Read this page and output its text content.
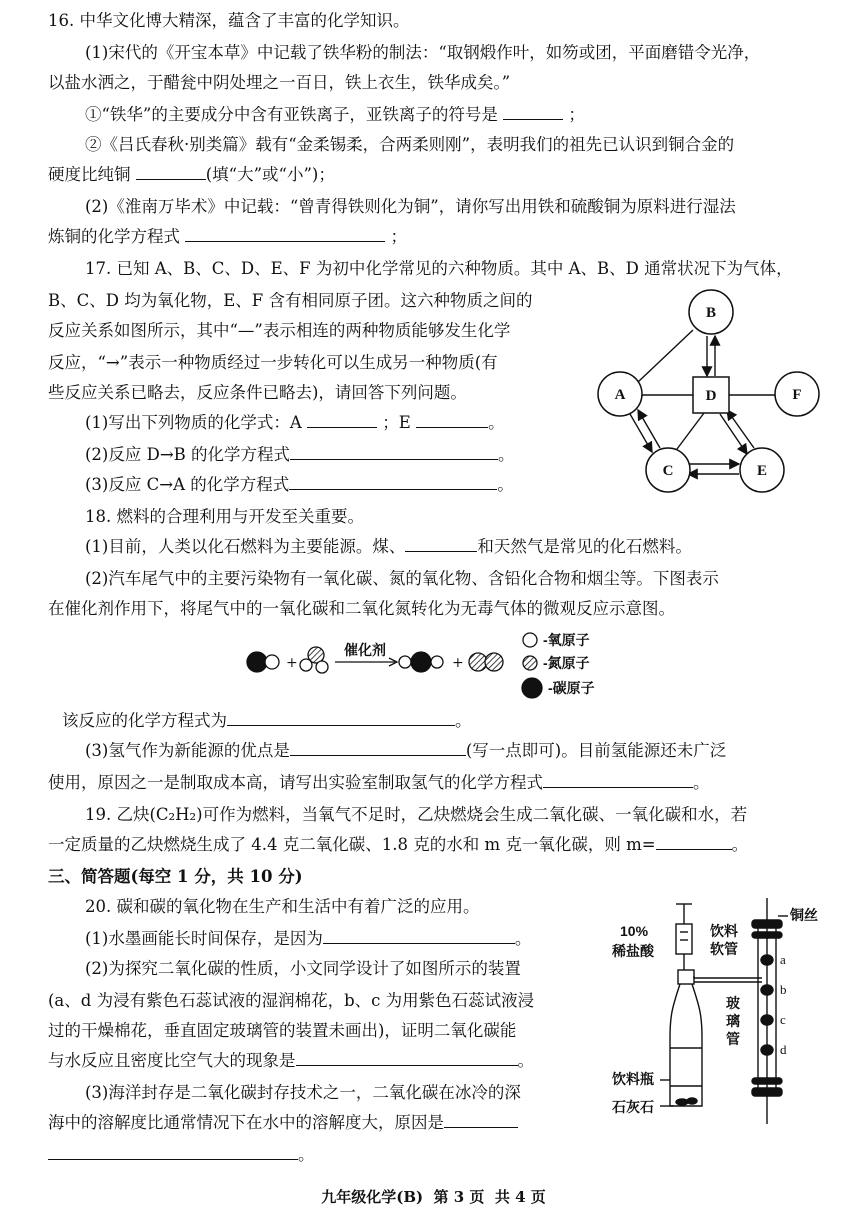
16. 中华文化博大精深，蕴含了丰富的化学知识。
(1)宋代的《开宝本草》中记载了铁华粉的制法：“取钢煅作叶，如笏或团，平面磨错令光净，
以盐水洒之，于醋瓮中阴处埋之一百日，铁上衣生，铁华成矣。”
①“铁华”的主要成分中含有亚铁离子，亚铁离子的符号是	；
②《吕氏春秋·别类篇》载有“金柔锡柔，合两柔则刚”，表明我们的祖先已认识到铜合金的
硬度比纯铜	(填“大”或“小”)；
(2)《淮南万毕术》中记载：“曾青得铁则化为铜”，请你写出用铁和硫酸铜为原料进行湿法
炼铜的化学方程式	；
17. 已知 A、B、C、D、E、F 为初中化学常见的六种物质。其中 A、B、D 通常状况下为气体，
B、C、D 均为氧化物，E、F 含有相同原子团。这六种物质之间的
反应关系如图所示，其中“—”表示相连的两种物质能够发生化学
反应，“→”表示一种物质经过一步转化可以生成另一种物质(有
些反应关系已略去，反应条件已略去)，请回答下列问题。
(1)写出下列物质的化学式：A	；E	。
(2)反应 D→B 的化学方程式	。
(3)反应 C→A 的化学方程式	。
A
B
C
D
E
F
18. 燃料的合理利用与开发至关重要。
(1)目前，人类以化石燃料为主要能源。煤、	和天然气是常见的化石燃料。
(2)汽车尾气中的主要污染物有一氧化碳、氮的氧化物、含铅化合物和烟尘等。下图表示
在催化剂作用下，将尾气中的一氧化碳和二氧化氮转化为无毒气体的微观反应示意图。
+	+
催化剂
-氧原子
-氮原子
-碳原子
该反应的化学方程式为	。
(3)氢气作为新能源的优点是	(写一点即可)。目前氢能源还未广泛
使用，原因之一是制取成本高，请写出实验室制取氢气的化学方程式	。
19. 乙炔(C₂H₂)可作为燃料，当氧气不足时，乙炔燃烧会生成二氧化碳、一氧化碳和水，若
一定质量的乙炔燃烧生成了 4.4 克二氧化碳、1.8 克的水和 m 克一氧化碳，则 m=	。
三、简答题(每空 1 分，共 10 分)
20. 碳和碳的氧化物在生产和生活中有着广泛的应用。
(1)水墨画能长时间保存，是因为	。
(2)为探究二氧化碳的性质，小文同学设计了如图所示的装置
(a、d 为浸有紫色石蕊试液的湿润棉花，b、c 为用紫色石蕊试液浸
过的干燥棉花，垂直固定玻璃管的装置未画出)，证明二氧化碳能
与水反应且密度比空气大的现象是	。
(3)海洋封存是二氧化碳封存技术之一，二氧化碳在冰冷的深
海中的溶解度比通常情况下在水中的溶解度大，原因是
。
10%
稀盐酸
饮料
软管
玻
璃
管
铜丝
饮料瓶
石灰石
a
b
c
d
九年级化学(B)  第 3 页  共 4 页
